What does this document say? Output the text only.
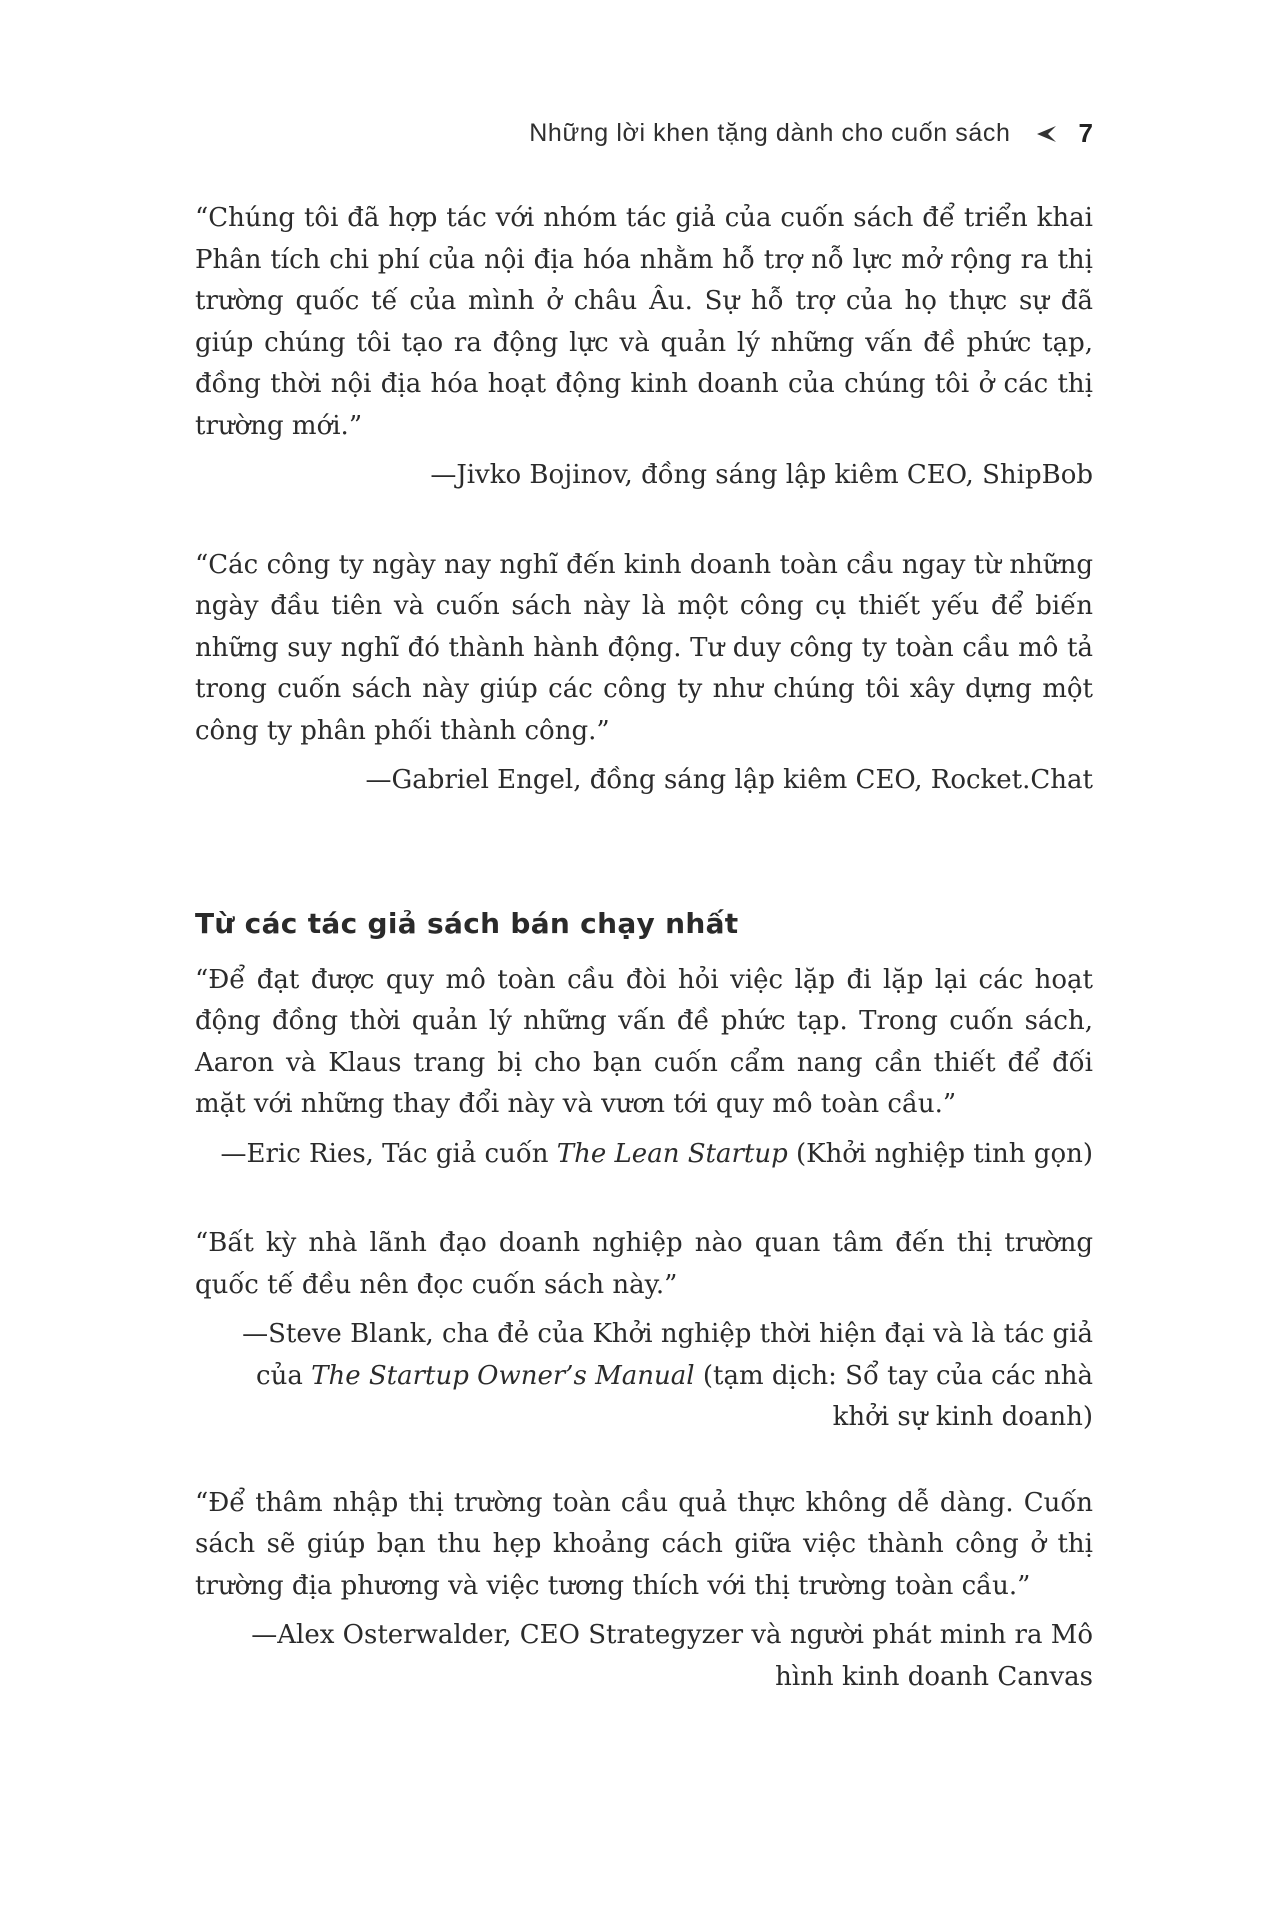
Những lời khen tặng dành cho cuốn sách	7

“Chúng tôi đã hợp tác với nhóm tác giả của cuốn sách để triển khai Phân tích chi phí của nội địa hóa nhằm hỗ trợ nỗ lực mở rộng ra thị trường quốc tế của mình ở châu Âu. Sự hỗ trợ của họ thực sự đã giúp chúng tôi tạo ra động lực và quản lý những vấn đề phức tạp, đồng thời nội địa hóa hoạt động kinh doanh của chúng tôi ở các thị trường mới.”

—Jivko Bojinov, đồng sáng lập kiêm CEO, ShipBob

“Các công ty ngày nay nghĩ đến kinh doanh toàn cầu ngay từ những ngày đầu tiên và cuốn sách này là một công cụ thiết yếu để biến những suy nghĩ đó thành hành động. Tư duy công ty toàn cầu mô tả trong cuốn sách này giúp các công ty như chúng tôi xây dựng một công ty phân phối thành công.”

—Gabriel Engel, đồng sáng lập kiêm CEO, Rocket.Chat

Từ các tác giả sách bán chạy nhất

“Để đạt được quy mô toàn cầu đòi hỏi việc lặp đi lặp lại các hoạt động đồng thời quản lý những vấn đề phức tạp. Trong cuốn sách, Aaron và Klaus trang bị cho bạn cuốn cẩm nang cần thiết để đối mặt với những thay đổi này và vươn tới quy mô toàn cầu.”

—Eric Ries, Tác giả cuốn The Lean Startup (Khởi nghiệp tinh gọn)

“Bất kỳ nhà lãnh đạo doanh nghiệp nào quan tâm đến thị trường quốc tế đều nên đọc cuốn sách này.”

—Steve Blank, cha đẻ của Khởi nghiệp thời hiện đại và là tác giả của The Startup Owner’s Manual (tạm dịch: Sổ tay của các nhà khởi sự kinh doanh)

“Để thâm nhập thị trường toàn cầu quả thực không dễ dàng. Cuốn sách sẽ giúp bạn thu hẹp khoảng cách giữa việc thành công ở thị trường địa phương và việc tương thích với thị trường toàn cầu.”

—Alex Osterwalder, CEO Strategyzer và người phát minh ra Mô hình kinh doanh Canvas
